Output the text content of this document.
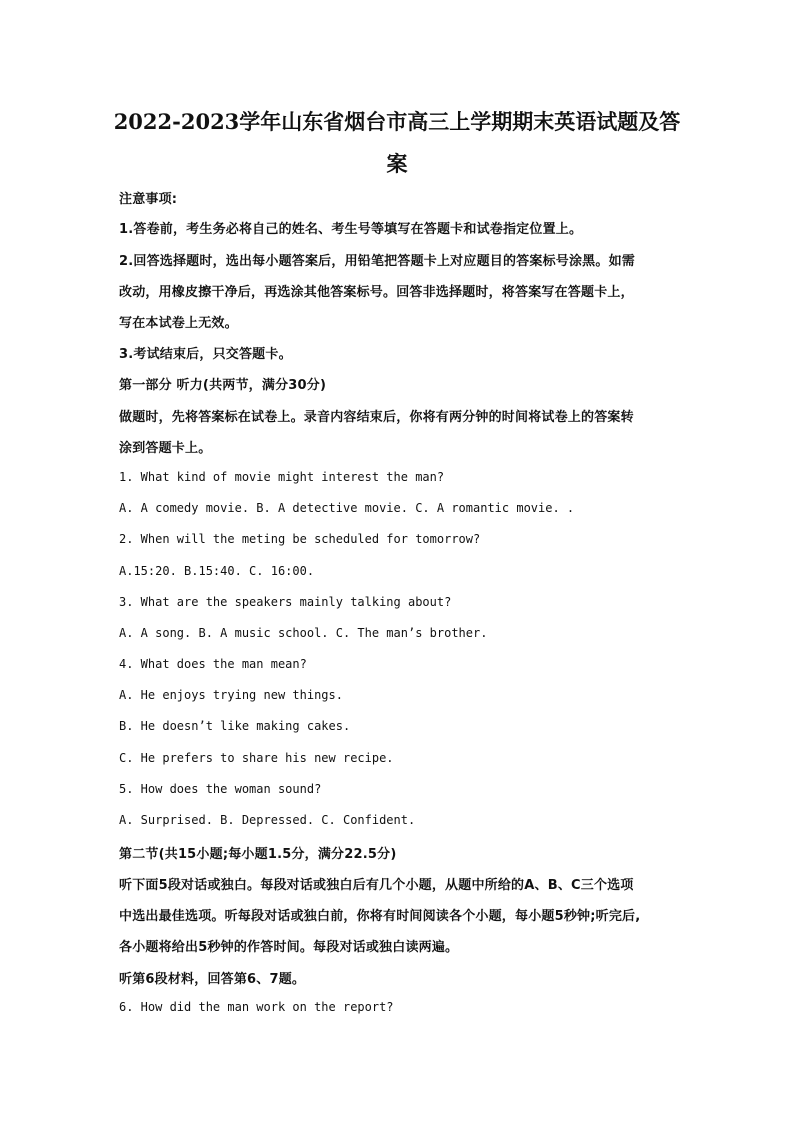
2022-2023学年山东省烟台市高三上学期期末英语试题及答
案
注意事项:
1.答卷前，考生务必将自己的姓名、考生号等填写在答题卡和试卷指定位置上。
2.回答选择题时，选出每小题答案后，用铅笔把答题卡上对应题目的答案标号涂黑。如需
改动，用橡皮擦干净后，再选涂其他答案标号。回答非选择题时，将答案写在答题卡上，
写在本试卷上无效。
3.考试结束后，只交答题卡。
第一部分 听力(共两节，满分30分)
做题时，先将答案标在试卷上。录音内容结束后，你将有两分钟的时间将试卷上的答案转
涂到答题卡上。
1. What kind of movie might interest the man?
A. A comedy movie. B. A detective movie. C. A romantic movie. .
2. When will the meting be scheduled for tomorrow?
A.15:20. B.15:40. C. 16:00.
3. What are the speakers mainly talking about?
A. A song. B. A music school. C. The man’s brother.
4. What does the man mean?
A. He enjoys trying new things.
B. He doesn’t like making cakes.
C. He prefers to share his new recipe.
5. How does the woman sound?
A. Surprised. B. Depressed. C. Confident.
第二节(共15小题;每小题1.5分，满分22.5分)
听下面5段对话或独白。每段对话或独白后有几个小题，从题中所给的A、B、C三个选项
中选出最佳选项。听每段对话或独白前，你将有时间阅读各个小题，每小题5秒钟;听完后,
各小题将给出5秒钟的作答时间。每段对话或独白读两遍。
听第6段材料，回答第6、7题。
6. How did the man work on the report?
